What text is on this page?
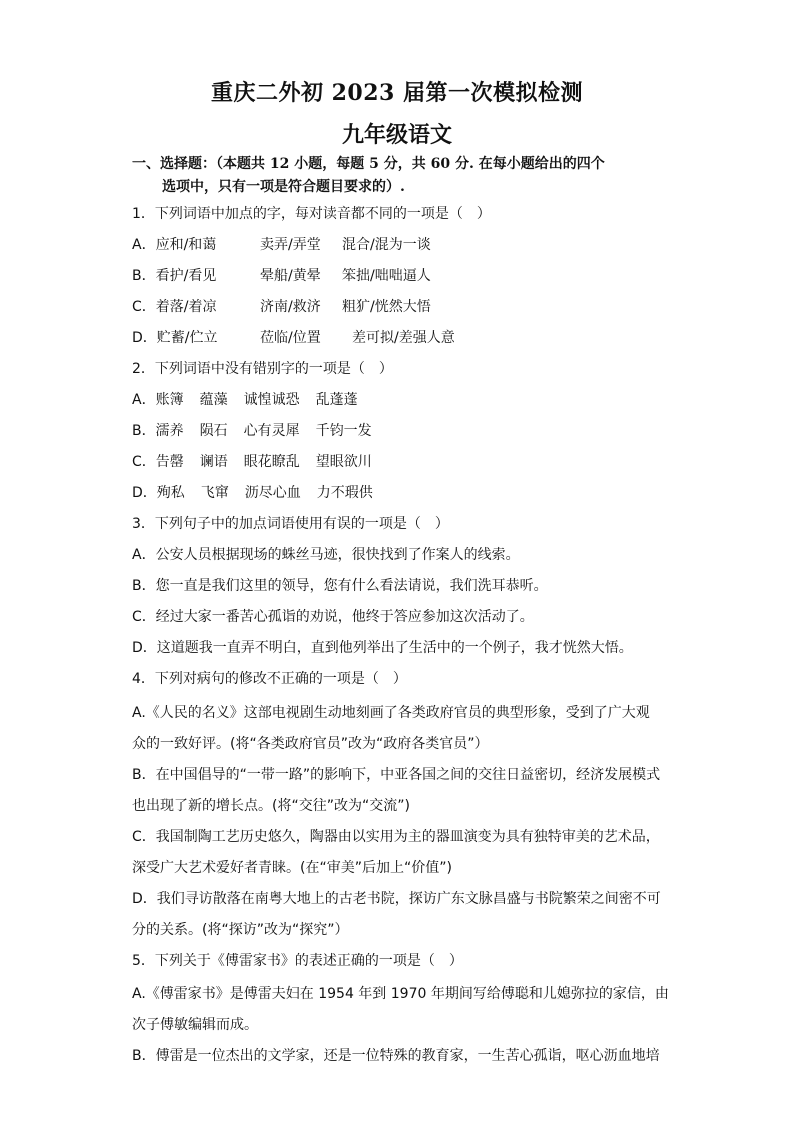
重庆二外初 2023 届第一次模拟检测
九年级语文
一、选择题：（本题共 12 小题，每题 5 分，共 60 分. 在每小题给出的四个
选项中，只有一项是符合题目要求的）.
1．下列词语中加点的字，每对读音都不同的一项是（　）
A．应和/和蔼	卖弄/弄堂 混合/混为一谈
B．看护/看见	晕船/黄晕 笨拙/咄咄逼人
C．着落/着凉	济南/救济 粗犷/恍然大悟
D．贮蓄/伫立	莅临/位置 差可拟/差强人意
2．下列词语中没有错别字的一项是（　）
A．账簿 蕴藻 诚惶诚恐 乱蓬蓬
B．濡养 陨石 心有灵犀 千钧一发
C．告罄 谰语 眼花瞭乱 望眼欲川
D．殉私 飞窜 沥尽心血 力不瑕供
3．下列句子中的加点词语使用有误的一项是（　）
A．公安人员根据现场的蛛丝马迹，很快找到了作案人的线索。
B．您一直是我们这里的领导，您有什么看法请说，我们洗耳恭听。
C．经过大家一番苦心孤诣的劝说，他终于答应参加这次活动了。
D．这道题我一直弄不明白，直到他列举出了生活中的一个例子，我才恍然大悟。
4．下列对病句的修改不正确的一项是（　）
A.《人民的名义》这部电视剧生动地刻画了各类政府官员的典型形象，受到了广大观
众的一致好评。(将“各类政府官员”改为“政府各类官员”）
B．在中国倡导的“一带一路”的影响下，中亚各国之间的交往日益密切，经济发展模式
也出现了新的增长点。(将“交往”改为“交流”)
C．我国制陶工艺历史悠久，陶器由以实用为主的器皿演变为具有独特审美的艺术品，
深受广大艺术爱好者青睐。(在“审美”后加上“价值”)
D．我们寻访散落在南粤大地上的古老书院，探访广东文脉昌盛与书院繁荣之间密不可
分的关系。(将“探访”改为“探究”）
5．下列关于《傅雷家书》的表述正确的一项是（　）
A.《傅雷家书》是傅雷夫妇在 1954 年到 1970 年期间写给傅聪和儿媳弥拉的家信，由
次子傅敏编辑而成。
B．傅雷是一位杰出的文学家，还是一位特殊的教育家，一生苦心孤诣，呕心沥血地培
